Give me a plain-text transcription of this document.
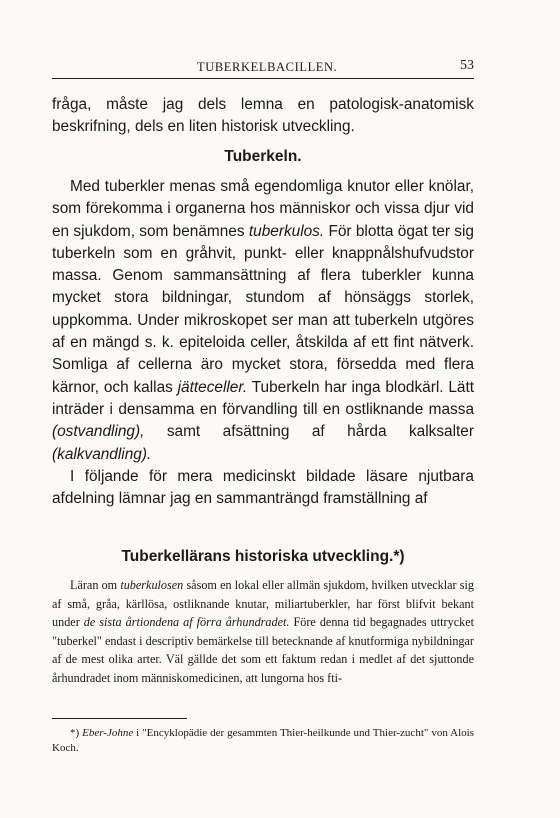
TUBERKELBACILLEN.	53

fråga, måste jag dels lemna en patologisk-anatomisk beskrifning, dels en liten historisk utveckling.

Tuberkeln.

Med tuberkler menas små egendomliga knutor eller knölar, som förekomma i organerna hos människor och vissa djur vid en sjukdom, som benämnes tuberkulos. För blotta ögat ter sig tuberkeln som en gråhvit, punkt- eller knappnålshufvudstor massa. Genom sammansättning af flera tuberkler kunna mycket stora bildningar, stundom af hönsäggs storlek, uppkomma. Under mikroskopet ser man att tuberkeln utgöres af en mängd s. k. epiteloida celler, åtskilda af ett fint nätverk. Somliga af cellerna äro mycket stora, försedda med flera kärnor, och kallas jätteceller. Tuberkeln har inga blodkärl. Lätt inträder i densamma en förvandling till en ostliknande massa (ostvandling), samt afsättning af hårda kalksalter (kalkvandling).

I följande för mera medicinskt bildade läsare njutbara afdelning lämnar jag en sammanträngd framställning af

Tuberkellärans historiska utveckling.*)

Läran om tuberkulosen såsom en lokal eller allmän sjukdom, hvilken utvecklar sig af små, gråa, kärllösa, ostliknande knutar, miliartuberkler, har först blifvit bekant under de sista årtiondena af förra århundradet. Före denna tid begagnades uttrycket "tuberkel" endast i descriptiv bemärkelse till betecknande af knutformiga nybildningar af de mest olika arter. Väl gällde det som ett faktum redan i medlet af det sjuttonde århundradet inom människomedicinen, att lungorna hos fti-

*) Eber-Johne i "Encyklopädie der gesammten Thier-heilkunde und Thier-zucht" von Alois Koch.
